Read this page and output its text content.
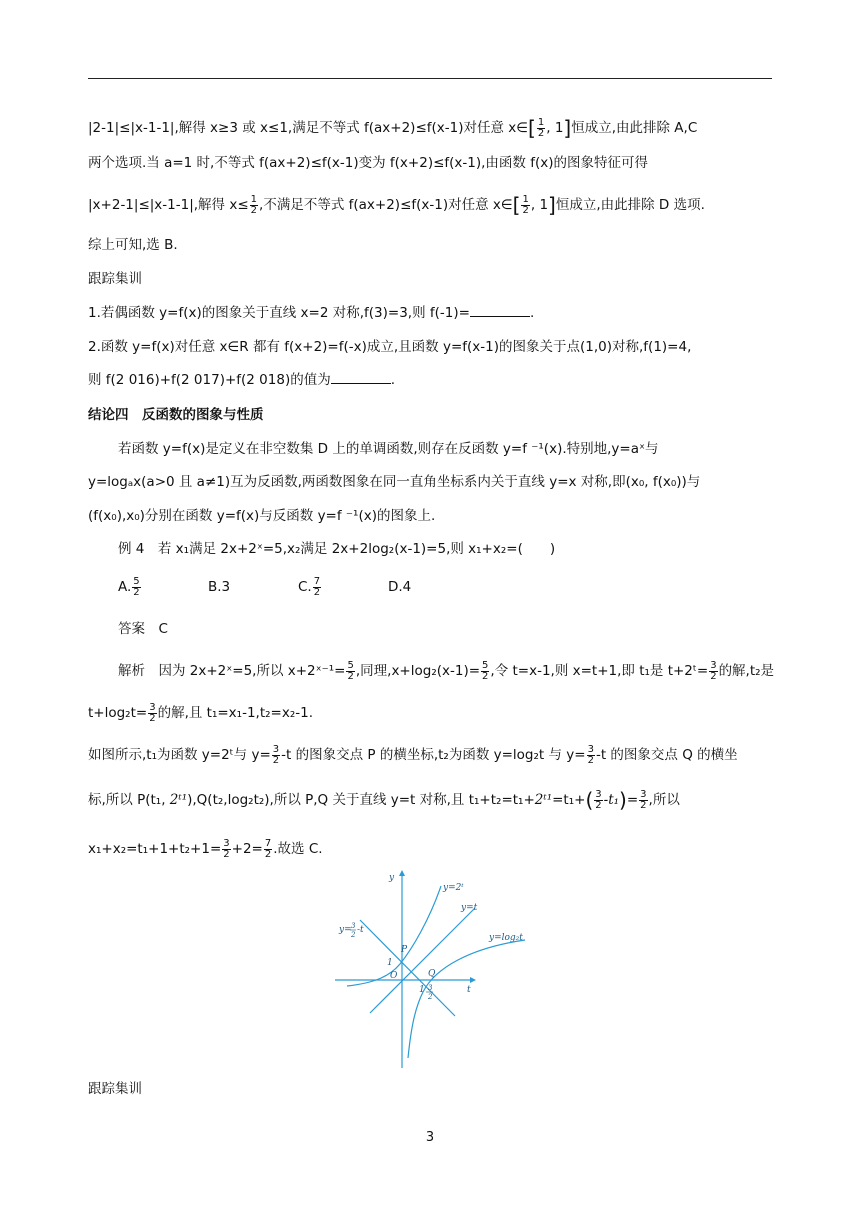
|2-1|≤|x-1-1|,解得 x≥3 或 x≤1,满足不等式 f(ax+2)≤f(x-1)对任意 x∈[ $\frac{1}{2}$ , 1]恒成立,由此排除 A,C
两个选项.当 a=1 时,不等式 f(ax+2)≤f(x-1)变为 f(x+2)≤f(x-1),由函数 f(x)的图象特征可得
|x+2-1|≤|x-1-1|,解得 $x\le \frac{1}{2}$ ,不满足不等式 f(ax+2)≤f(x-1)对任意 x∈[ $\frac{1}{2}$ , 1]恒成立,由此排除 D 选项.
综上可知,选 B.
跟踪集训
1.若偶函数 y=f(x)的图象关于直线 x=2 对称,f(3)=3,则 f(-1)=	.
2.函数 y=f(x)对任意 x∈R 都有 f(x+2)=f(-x)成立,且函数 y=f(x-1)的图象关于点(1,0)对称,f(1)=4,
则 f(2 016)+f(2 017)+f(2 018)的值为	.
结论四　反函数的图象与性质
若函数 y=f(x)是定义在非空数集 D 上的单调函数,则存在反函数 y=f ⁻¹(x).特别地,y=aˣ与
y=logₐx(a>0 且 a≠1)互为反函数,两函数图象在同一直角坐标系内关于直线 y=x 对称,即(x₀, f(x₀))与
(f(x₀),x₀)分别在函数 y=f(x)与反函数 y=f ⁻¹(x)的图象上.
例 4　若 x₁满足 2x+2ˣ=5,x₂满足 2x+2log₂(x-1)=5,则 x₁+x₂=(　　)
A. $\frac{5}{2}$	B.3	C. $\frac{7}{2}$	D.4
答案　C
解析　因为 2x+2ˣ=5,所以 x+2ˣ⁻¹= $\frac{5}{2}$ ,同理$,x+\log_2(x-1)= \frac{5}{2}$ ,令 t=x-1,则 x=t+1,即 t₁是 t+2ᵗ= $\frac{3}{2}$ 的解,t₂是
$t+\log_2t= \frac{3}{2}$ 的解,且 t₁=x₁-1,t₂=x₂-1.
如图所示,t₁为函数 y=2ᵗ与 $y= \frac{3}{2} -t$ 的图象交点 P 的横坐标,t₂为函数 y=log₂t 与 $y= \frac{3}{2} -t$ 的图象交点 Q 的横坐
标,所以 P(t₁, 2ᵗ¹),Q(t₂,log₂t₂),所以 P,Q 关于直线 y=t 对称,且 t₁+t₂=t₁+2ᵗ¹=t₁+( $\frac{3}{2} -t_1)= \frac{3}{2}$ ,所以
$x_1+x_2=t_1+1+t_2+1= \frac{3}{2} +2= \frac{7}{2}$ .故选 C.
y
t
y=2ᵗ
y=t
y=log₂t
y= 3
2 -t
P
Q
O
1
1 3
2
跟踪集训
3
